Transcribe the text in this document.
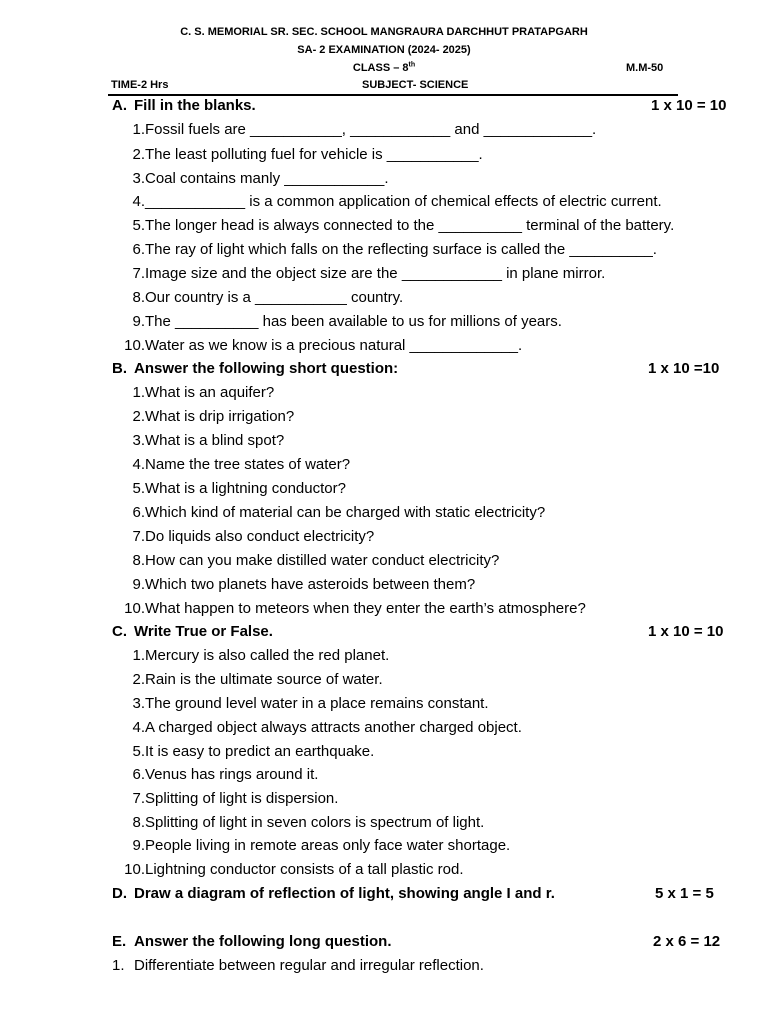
C. S. MEMORIAL SR. SEC. SCHOOL MANGRAURA DARCHHUT PRATAPGARH
SA- 2 EXAMINATION (2024- 2025)
CLASS – 8th	M.M-50
TIME-2 Hrs	SUBJECT- SCIENCE
A. Fill in the blanks.	1 x 10 = 10
1.Fossil fuels are ___________, ____________ and _____________.
2.The least polluting fuel for vehicle is ___________.
3.Coal contains manly ____________.
4.____________ is a common application of chemical effects of electric current.
5.The longer head is always connected to the __________ terminal of the battery.
6.The ray of light which falls on the reflecting surface is called the __________.
7.Image size and the object size are the ____________ in plane mirror.
8.Our country is a ___________ country.
9.The __________ has been available to us for millions of years.
10.Water as we know is a precious natural _____________.
B. Answer the following short question:	1 x 10 =10
1.What is an aquifer?
2.What is drip irrigation?
3.What is a blind spot?
4.Name the tree states of water?
5.What is a lightning conductor?
6.Which kind of material can be charged with static electricity?
7.Do liquids also conduct electricity?
8.How can you make distilled water conduct electricity?
9.Which two planets have asteroids between them?
10.What happen to meteors when they enter the earth’s atmosphere?
C. Write True or False.	1 x 10 = 10
1.Mercury is also called the red planet.
2.Rain is the ultimate source of water.
3.The ground level water in a place remains constant.
4.A charged object always attracts another charged object.
5.It is easy to predict an earthquake.
6.Venus has rings around it.
7.Splitting of light is dispersion.
8.Splitting of light in seven colors is spectrum of light.
9.People living in remote areas only face water shortage.
10.Lightning conductor consists of a tall plastic rod.
D. Draw a diagram of reflection of light, showing angle I and r.	5 x 1 = 5
E. Answer the following long question.	2 x 6 = 12
1. Differentiate between regular and irregular reflection.
